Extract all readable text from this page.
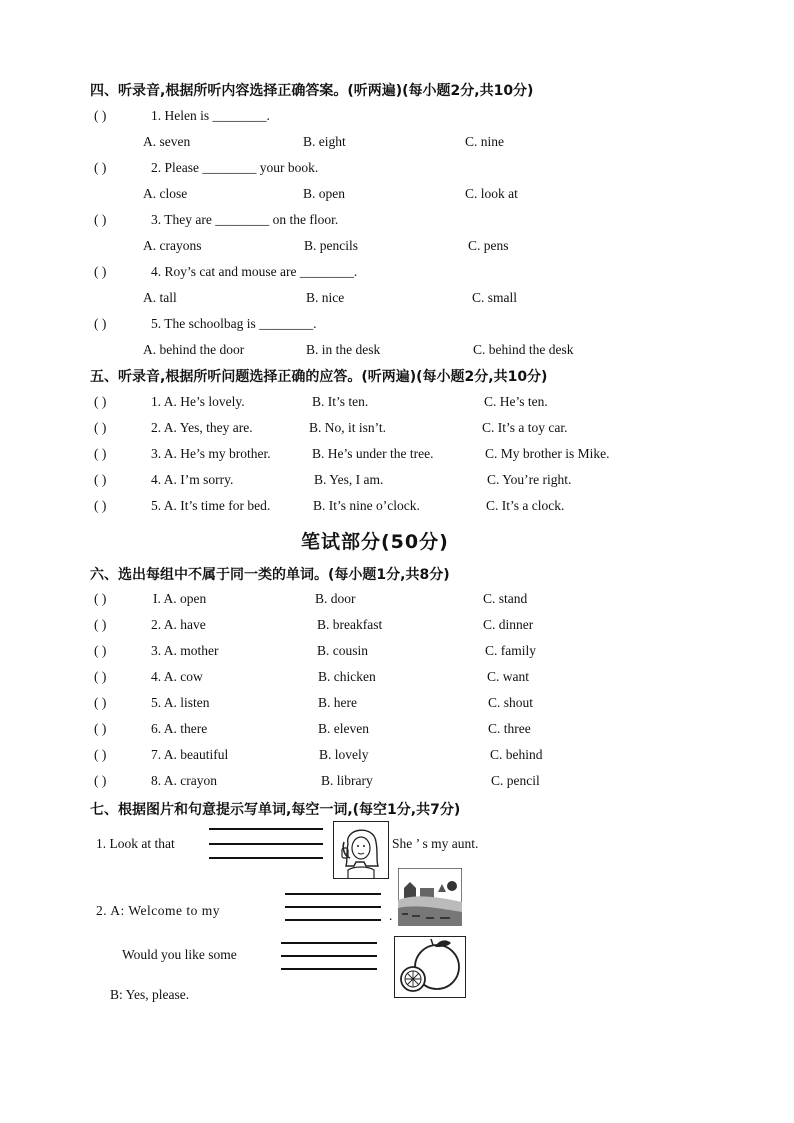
四、听录音,根据所听内容选择正确答案。(听两遍)(每小题2分,共10分)
( )	1. Helen is ________.
A. seven	B. eight	C. nine
( )	2. Please ________ your book.
A. close	B. open	C. look at
( )	3. They are ________ on the floor.
A. crayons	B. pencils	C. pens
( )	4. Roy’s cat and mouse are ________.
A. tall	B. nice	C. small
( )	5. The schoolbag is ________.
A. behind the door	B. in the desk	C. behind the desk
五、听录音,根据所听问题选择正确的应答。(听两遍)(每小题2分,共10分)
( )	1. A. He’s lovely.	B. It’s ten.	C. He’s ten.
( )	2. A. Yes, they are.	B. No, it isn’t.	C. It’s a toy car.
( )	3. A. He’s my brother.	B. He’s under the tree.	C. My brother is Mike.
( )	4. A. I’m sorry.	B. Yes, I am.	C. You’re right.
( )	5. A. It’s time for bed.	B. It’s nine o’clock.	C. It’s a clock.
笔试部分(50分)
六、选出每组中不属于同一类的单词。(每小题1分,共8分)
( )	I. A. open	B. door	C. stand
( )	2. A. have	B. breakfast	C. dinner
( )	3. A. mother	B. cousin	C. family
( )	4. A. cow	B. chicken	C. want
( )	5. A. listen	B. here	C. shout
( )	6. A. there	B. eleven	C. three
( )	7. A. beautiful	B. lovely	C. behind
( )	8. A. crayon	B. library	C. pencil
七、根据图片和句意提示写单词,每空一词,(每空1分,共7分)
1. Look at that	She ’ s my aunt.
2. A: Welcome to my	.
Would you like some
B: Yes, please.
